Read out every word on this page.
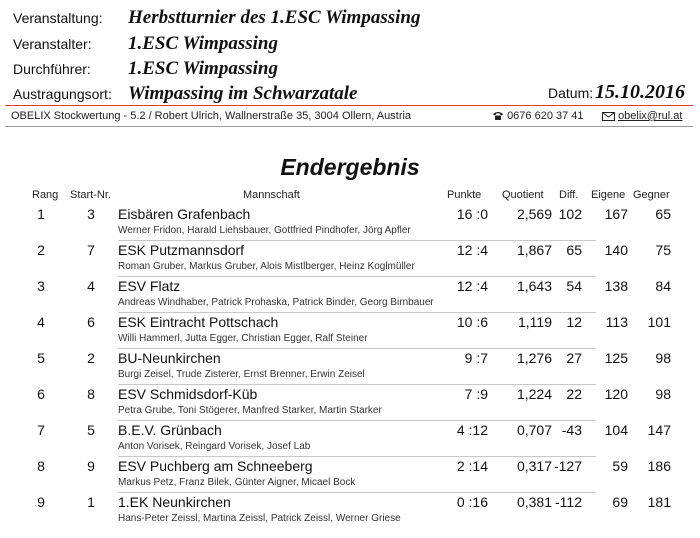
Veranstaltung: Herbstturnier des 1.ESC Wimpassing
Veranstalter: 1.ESC Wimpassing
Durchführer: 1.ESC Wimpassing
Austragungsort: Wimpassing im Schwarzatale	Datum: 15.10.2016
OBELIX Stockwertung - 5.2 / Robert Ulrich, Wallnerstraße 35, 3004 Ollern, Austria	0676 620 37 41	obelix@rul.at
Endergebnis
Rang Start-Nr.	Mannschaft	Punkte Quotient Diff. Eigene Gegner
1	3	Eisbären Grafenbach	16 :0	2,569 102	167	65
Werner Fridon, Harald Liehsbauer, Gottfried Pindhofer, Jörg Apfler
2	7	ESK Putzmannsdorf	12 :4	1,867	65	140	75
Roman Gruber, Markus Gruber, Alois Mistlberger, Heinz Koglmüller
3	4	ESV Flatz	12 :4	1,643	54	138	84
Andreas Windhaber, Patrick Prohaska, Patrick Binder, Georg Birnbauer
4	6	ESK Eintracht Pottschach	10 :6	1,119	12	113	101
Willi Hammerl, Jutta Egger, Christian Egger, Ralf Steiner
5	2	BU-Neunkirchen	9 :7	1,276	27	125	98
Burgi Zeisel, Trude Zisterer, Ernst Brenner, Erwin Zeisel
6	8	ESV Schmidsdorf-Küb	7 :9	1,224	22	120	98
Petra Grube, Toni Stögerer, Manfred Starker, Martin Starker
7	5	B.E.V. Grünbach	4 :12	0,707 -43	104	147
Anton Vorisek, Reingard Vorisek, Josef Lab
8	9	ESV Puchberg am Schneeberg	2 :14	0,317 -127	59	186
Markus Petz, Franz Bilek, Günter Aigner, Micael Bock
9	1	1.EK Neunkirchen	0 :16	0,381 -112	69	181
Hans-Peter Zeissl, Martina Zeissl, Patrick Zeissl, Werner Griese
